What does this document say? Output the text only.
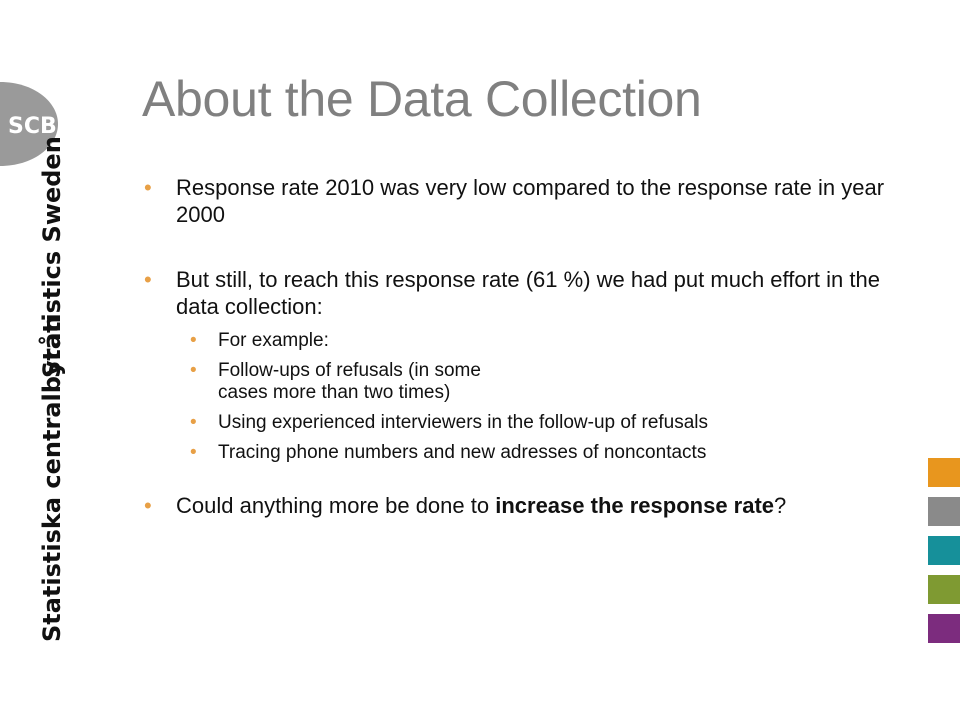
SCB
Statistics Sweden
Statistiska centralbyrån
About the Data Collection

• Response rate 2010 was very low compared to the response rate in year 2000

• But still, to reach this response rate (61 %) we had put much effort in the data collection:

• For example:

• Follow-ups of refusals (in some cases more than two times)

• Using experienced interviewers in the follow-up of refusals

• Tracing phone numbers and new adresses of noncontacts

• Could anything more be done to increase the response rate?
